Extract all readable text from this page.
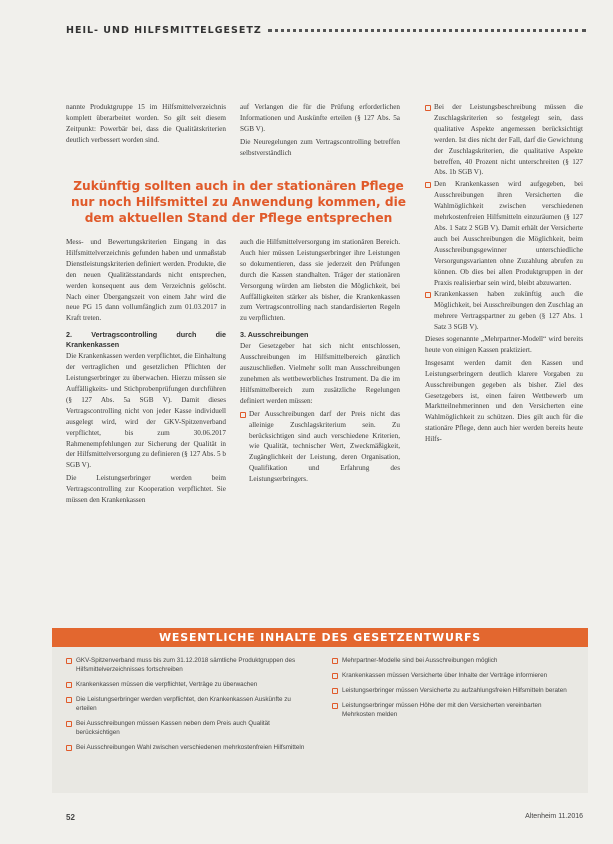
HEIL- UND HILFSMITTELGESETZ

nannte Produktgruppe 15 im Hilfsmittelverzeichnis komplett überarbeitet worden. So gilt seit diesem Zeitpunkt: Powerbär bei, dass die Qualitätskriterien deutlich verbessert worden sind.

auf Verlangen die für die Prüfung erforderlichen Informationen und Auskünfte erteilen (§ 127 Abs. 5a SGB V).

Die Neuregelungen zum Vertragscontrolling betreffen selbstverständlich

Zukünftig sollten auch in der stationären Pflege nur noch Hilfsmittel zu Anwendung kommen, die dem aktuellen Stand der Pflege entsprechen

Mess- und Bewertungskriterien Eingang in das Hilfsmittelverzeichnis gefunden haben und unmaßstab Dienstleistungskriterien definiert werden. Produkte, die den neuen Qualitätsstandards nicht entsprechen, werden konsequent aus dem Verzeichnis gelöscht. Nach einer Übergangszeit von einem Jahr wird die neue PG 15 dann vollumfänglich zum 01.03.2017 in Kraft treten.

2. Vertragscontrolling durch die Krankenkassen

Die Krankenkassen werden verpflichtet, die Einhaltung der vertraglichen und gesetzlichen Pflichten der Leistungserbringer zu überwachen. Hierzu müssen sie Auffälligkeits- und Stichprobenprüfungen durchführen (§ 127 Abs. 5a SGB V). Damit dieses Vertragscontrolling nicht von jeder Kasse individuell ausgelegt wird, wird der GKV-Spitzenverband verpflichtet, bis zum 30.06.2017 Rahmenempfehlungen zur Sicherung der Qualität in der Hilfsmittelversorgung zu definieren (§ 127 Abs. 5 b SGB V).

Die Leistungserbringer werden beim Vertragscontrolling zur Kooperation verpflichtet. Sie müssen den Krankenkassen

auch die Hilfsmittelversorgung im stationären Bereich. Auch hier müssen Leistungserbringer ihre Leistungen so dokumentieren, dass sie jederzeit den Prüfungen durch die Kassen standhalten. Träger der stationären Versorgung würden am liebsten die Möglichkeit, bei Auffälligkeiten stärker als bisher, die Krankenkassen zum Vertragscontrolling nach standardisierten Regeln zu verpflichten.

3. Ausschreibungen

Der Gesetzgeber hat sich nicht entschlossen, Ausschreibungen im Hilfsmittelbereich gänzlich auszuschließen. Vielmehr sollt man Ausschreibungen zunehmen als wettbewerbliches Instrument. Da die im Hilfsmittelbereich zum zusätzliche Regelungen definiert werden müssen:

Der Ausschreibungen darf der Preis nicht das alleinige Zuschlagskriterium sein. Zu berücksichtigen sind auch verschiedene Kriterien, wie Qualität, technischer Wert, Zweckmäßigkeit, Zugänglichkeit der Leistung, deren Organisation, Qualifikation und Erfahrung des Leistungserbringers.
Bei der Leistungsbeschreibung müssen die Zuschlagskriterien so festgelegt sein, dass qualitative Aspekte angemessen berücksichtigt werden. Ist dies nicht der Fall, darf die Gewichtung der Zuschlagskriterien, die qualitative Aspekte betreffen, 40 Prozent nicht unterschreiten (§ 127 Abs. 1b SGB V).
Den Krankenkassen wird aufgegeben, bei Ausschreibungen ihren Versicherten die Wahlmöglichkeit zwischen verschiedenen mehrkostenfreien Hilfsmitteln einzuräumen (§ 127 Abs. 1 Satz 2 SGB V). Damit erhält der Versicherte auch bei Ausschreibungen die Möglichkeit, beim Ausschreibungsgewinner unterschiedliche Versorgungsvarianten ohne Zuzahlung abrufen zu können. Ob dies bei allen Produktgruppen in der Praxis realisierbar sein wird, bleibt abzuwarten.
Krankenkassen haben zukünftig auch die Möglichkeit, bei Ausschreibungen den Zuschlag an mehrere Vertragspartner zu geben (§ 127 Abs. 1 Satz 3 SGB V).

Dieses sogenannte „Mehrpartner-Modell“ wird bereits heute von einigen Kassen praktiziert.

Insgesamt werden damit den Kassen und Leistungserbringern deutlich klarere Vorgaben zu Ausschreibungen gegeben als bisher. Ziel des Gesetzgebers ist, einen fairen Wettbewerb um Marktteilnehmerinnen und den Versicherten eine Wahlmöglichkeit zu schützen. Dies gilt auch für die stationäre Pflege, denn auch hier werden bereits heute Hilfs-

WESENTLICHE INHALTE DES GESETZENTWURFS
GKV-Spitzenverband muss bis zum 31.12.2018 sämtliche Produktgruppen des Hilfsmittelverzeichnisses fortschreiben
Krankenkassen müssen die verpflichtet, Verträge zu überwachen
Die Leistungserbringer werden verpflichtet, den Krankenkassen Auskünfte zu erteilen
Bei Ausschreibungen müssen Kassen neben dem Preis auch Qualität berücksichtigen
Bei Ausschreibungen Wahl zwischen verschiedenen mehrkostenfreien Hilfsmitteln
Mehrpartner-Modelle sind bei Ausschreibungen möglich
Krankenkassen müssen Versicherte über Inhalte der Verträge informieren
Leistungserbringer müssen Versicherte zu aufzahlungsfreien Hilfsmitteln beraten
Leistungserbringer müssen Höhe der mit den Versicherten vereinbarten Mehrkosten melden
52	Altenheim 11.2016
